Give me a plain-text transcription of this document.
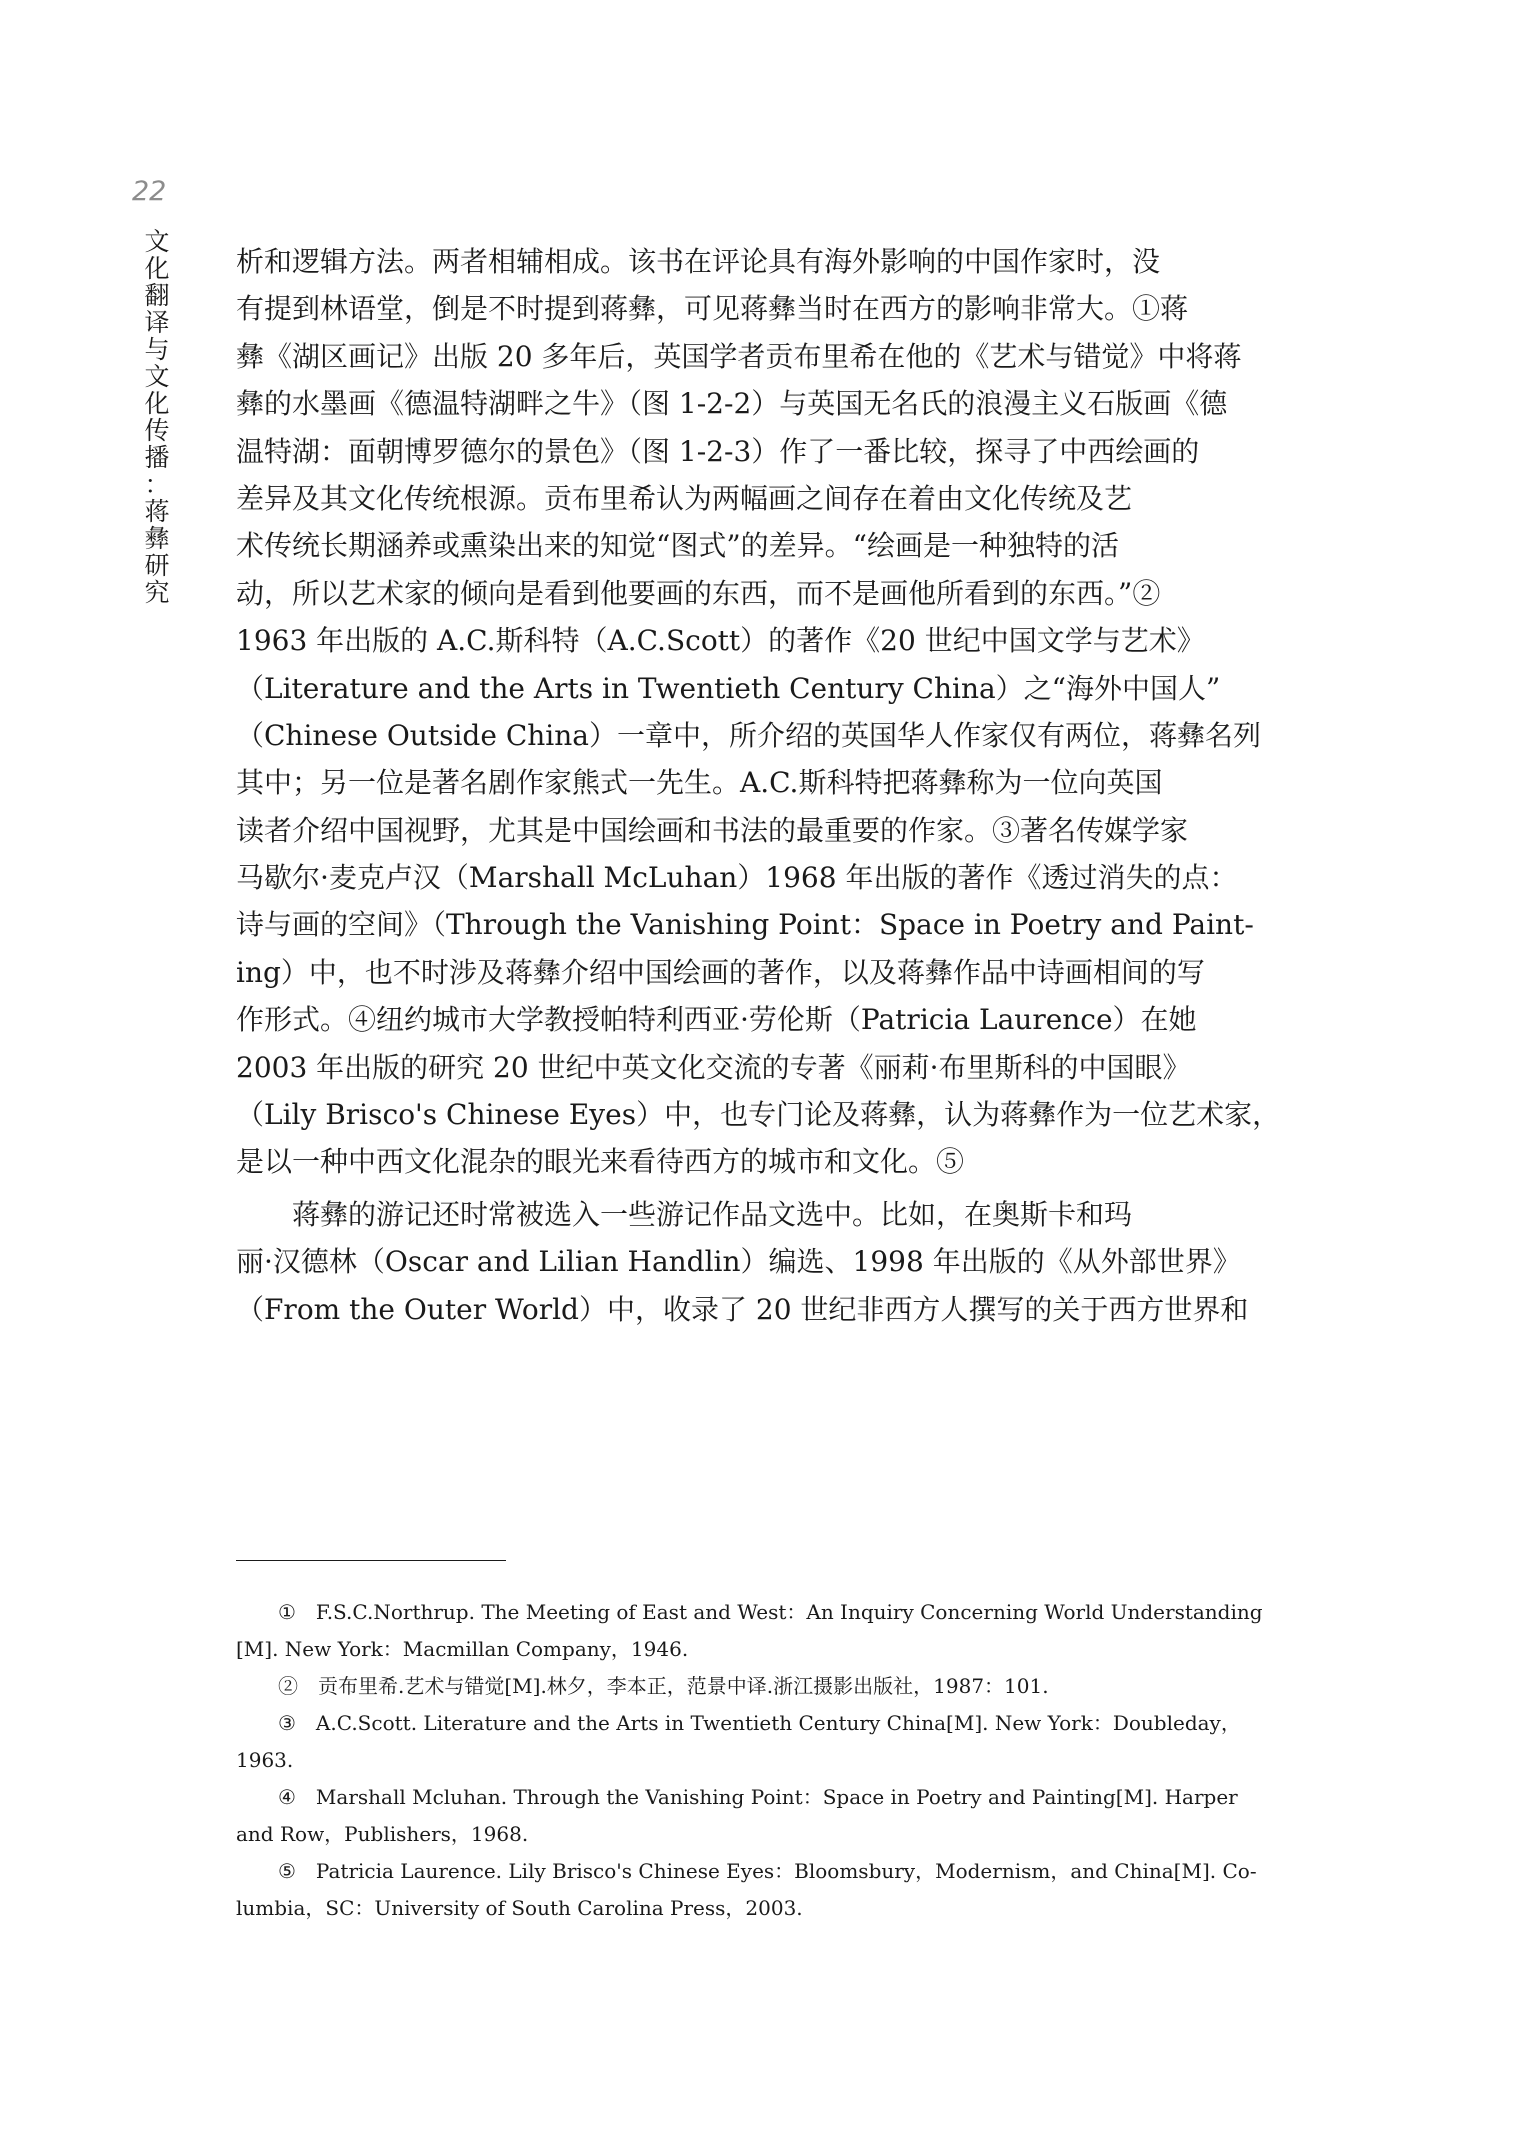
22
文
化
翻
译
与
文
化
传
播
：
蒋
彝
研
究
析和逻辑方法。两者相辅相成。该书在评论具有海外影响的中国作家时，没
有提到林语堂，倒是不时提到蒋彝，可见蒋彝当时在西方的影响非常大。①蒋
彝《湖区画记》出版 20 多年后，英国学者贡布里希在他的《艺术与错觉》中将蒋
彝的水墨画《德温特湖畔之牛》（图 1-2-2）与英国无名氏的浪漫主义石版画《德
温特湖：面朝博罗德尔的景色》（图 1-2-3）作了一番比较，探寻了中西绘画的
差异及其文化传统根源。贡布里希认为两幅画之间存在着由文化传统及艺
术传统长期涵养或熏染出来的知觉“图式”的差异。“绘画是一种独特的活
动，所以艺术家的倾向是看到他要画的东西，而不是画他所看到的东西。”②
1963 年出版的 A.C.斯科特（A.C.Scott）的著作《20 世纪中国文学与艺术》
（Literature and the Arts in Twentieth Century China）之“海外中国人”
（Chinese Outside China）一章中，所介绍的英国华人作家仅有两位，蒋彝名列
其中；另一位是著名剧作家熊式一先生。A.C.斯科特把蒋彝称为一位向英国
读者介绍中国视野，尤其是中国绘画和书法的最重要的作家。③著名传媒学家
马歇尔·麦克卢汉（Marshall McLuhan）1968 年出版的著作《透过消失的点：
诗与画的空间》（Through the Vanishing Point：Space in Poetry and Paint-
ing）中，也不时涉及蒋彝介绍中国绘画的著作，以及蒋彝作品中诗画相间的写
作形式。④纽约城市大学教授帕特利西亚·劳伦斯（Patricia Laurence）在她
2003 年出版的研究 20 世纪中英文化交流的专著《丽莉·布里斯科的中国眼》
（Lily Brisco's Chinese Eyes）中，也专门论及蒋彝，认为蒋彝作为一位艺术家，
是以一种中西文化混杂的眼光来看待西方的城市和文化。⑤
　　蒋彝的游记还时常被选入一些游记作品文选中。比如，在奥斯卡和玛
丽·汉德林（Oscar and Lilian Handlin）编选、1998 年出版的《从外部世界》
（From the Outer World）中，收录了 20 世纪非西方人撰写的关于西方世界和
①　F.S.C.Northrup. The Meeting of East and West：An Inquiry Concerning World Understanding
[M]. New York：Macmillan Company，1946.
②　贡布里希.艺术与错觉[M].林夕，李本正，范景中译.浙江摄影出版社，1987：101.
③　A.C.Scott. Literature and the Arts in Twentieth Century China[M]. New York：Doubleday，
1963.
④　Marshall Mcluhan. Through the Vanishing Point：Space in Poetry and Painting[M]. Harper
and Row，Publishers，1968.
⑤　Patricia Laurence. Lily Brisco's Chinese Eyes：Bloomsbury，Modernism，and China[M]. Co-
lumbia，SC：University of South Carolina Press，2003.
